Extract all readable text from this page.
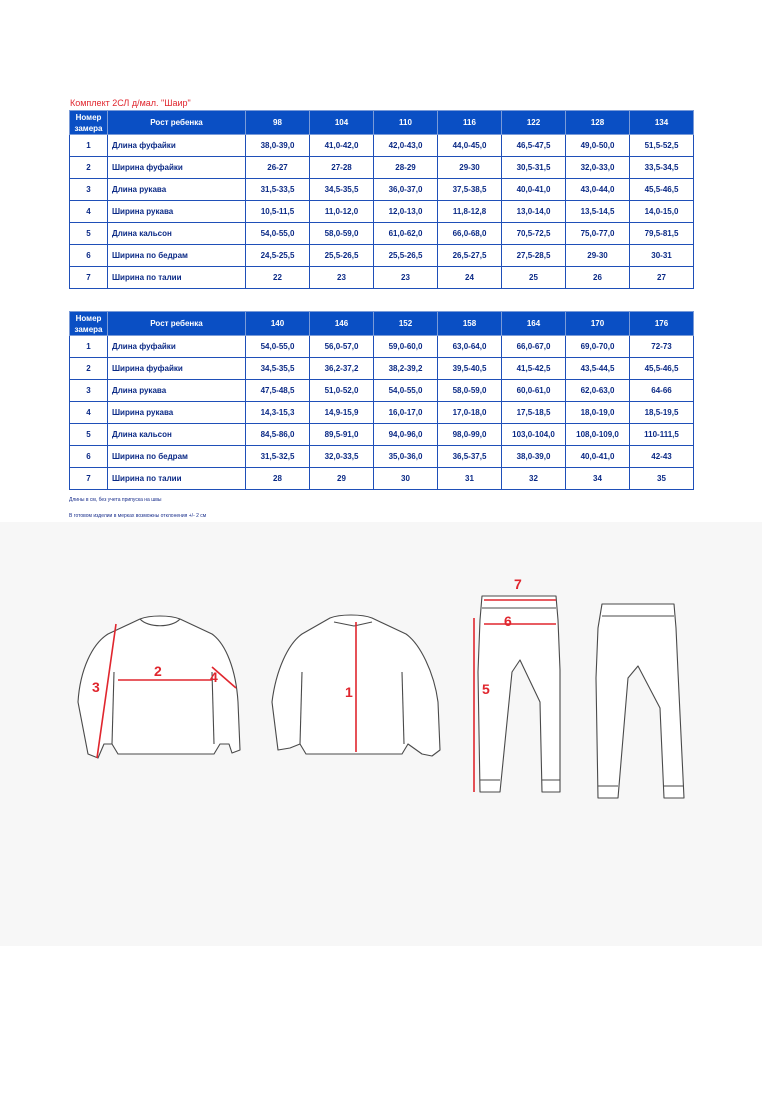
Комплект 2СЛ д/мал. "Шаир"
Номер
замера	Рост ребенка	98	104	110	116	122	128	134
1	Длина фуфайки	38,0-39,0	41,0-42,0	42,0-43,0	44,0-45,0	46,5-47,5	49,0-50,0	51,5-52,5
2	Ширина фуфайки	26-27	27-28	28-29	29-30	30,5-31,5	32,0-33,0	33,5-34,5
3	Длина рукава	31,5-33,5	34,5-35,5	36,0-37,0	37,5-38,5	40,0-41,0	43,0-44,0	45,5-46,5
4	Ширина рукава	10,5-11,5	11,0-12,0	12,0-13,0	11,8-12,8	13,0-14,0	13,5-14,5	14,0-15,0
5	Длина кальсон	54,0-55,0	58,0-59,0	61,0-62,0	66,0-68,0	70,5-72,5	75,0-77,0	79,5-81,5
6	Ширина по бедрам	24,5-25,5	25,5-26,5	25,5-26,5	26,5-27,5	27,5-28,5	29-30	30-31
7	Ширина по талии	22	23	23	24	25	26	27
Номер
замера	Рост ребенка	140	146	152	158	164	170	176
1	Длина фуфайки	54,0-55,0	56,0-57,0	59,0-60,0	63,0-64,0	66,0-67,0	69,0-70,0	72-73
2	Ширина фуфайки	34,5-35,5	36,2-37,2	38,2-39,2	39,5-40,5	41,5-42,5	43,5-44,5	45,5-46,5
3	Длина рукава	47,5-48,5	51,0-52,0	54,0-55,0	58,0-59,0	60,0-61,0	62,0-63,0	64-66
4	Ширина рукава	14,3-15,3	14,9-15,9	16,0-17,0	17,0-18,0	17,5-18,5	18,0-19,0	18,5-19,5
5	Длина кальсон	84,5-86,0	89,5-91,0	94,0-96,0	98,0-99,0	103,0-104,0	108,0-109,0	110-111,5
6	Ширина по бедрам	31,5-32,5	32,0-33,5	35,0-36,0	36,5-37,5	38,0-39,0	40,0-41,0	42-43
7	Ширина по талии	28	29	30	31	32	34	35
Длины в см, без учета припуска на швы
В готовом изделии в мерках возможны отклонения +/- 2 см
3
2	4
1	5
6
7
